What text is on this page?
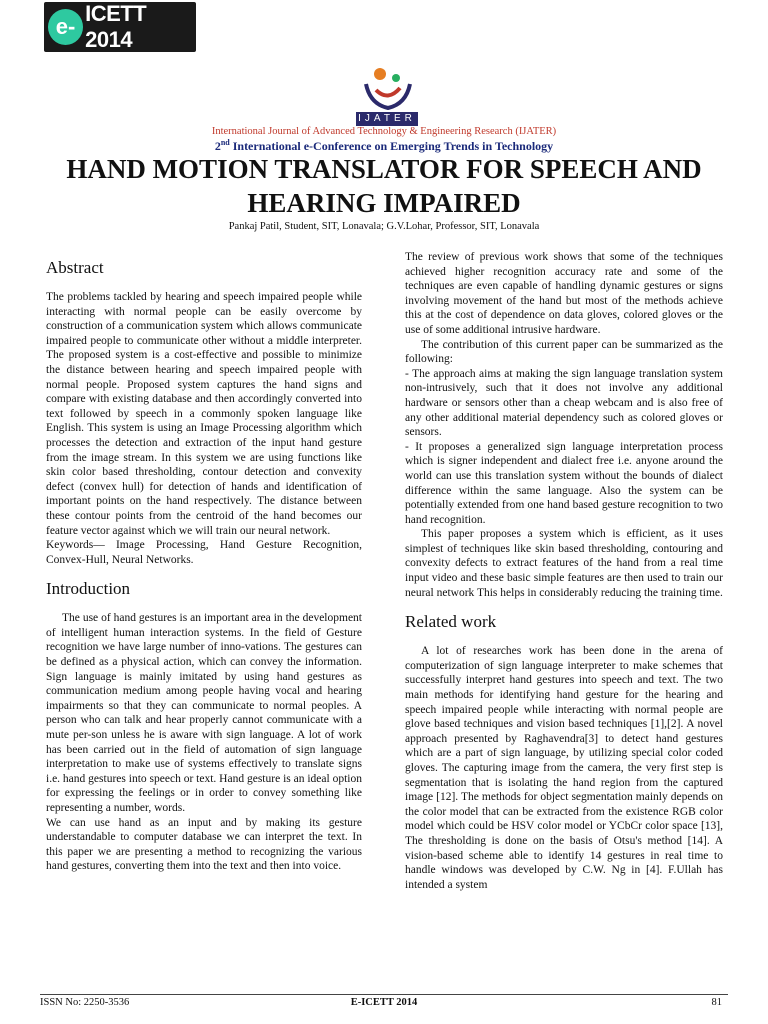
e-
ICETT 2014
IJATER
International Journal of Advanced Technology & Engineering Research (IJATER)
2nd International e-Conference on Emerging Trends in Technology
HAND MOTION TRANSLATOR FOR SPEECH AND
HEARING IMPAIRED
Pankaj Patil, Student, SIT, Lonavala; G.V.Lohar, Professor, SIT, Lonavala
Abstract

The problems tackled by hearing and speech impaired people while interacting with normal people can be easily overcome by construction of a communication system which allows communicate impaired people to communicate other without a middle interpreter. The proposed system is a cost-effective and possible to minimize the distance between hearing and speech impaired people with normal people. Proposed system captures the hand signs and compare with existing database and then accordingly converted into text followed by speech in a commonly spoken language like English. This system is using an Image Processing algorithm which processes the detection and extraction of the input hand gesture from the image stream. In this system we are using functions like skin color based thresholding, contour detection and convexity defect (convex hull) for detection of hands and identification of important points on the hand respectively. The distance between these contour points from the centroid of the hand becomes our feature vector against which we will train our neural network.

Keywords— Image Processing, Hand Gesture Recognition, Convex-Hull, Neural Networks.

Introduction

The use of hand gestures is an important area in the development of intelligent human interaction systems. In the field of Gesture recognition we have large number of inno-vations. The gestures can be defined as a physical action, which can convey the information. Sign language is mainly imitated by using hand gestures as communication medium among people having vocal and hearing impairments so that they can communicate to normal peoples. A person who can talk and hear properly cannot communicate with a mute per-son unless he is aware with sign language. A lot of work has been carried out in the field of automation of sign language interpretation to make use of systems effectively to translate signs i.e. hand gestures into speech or text. Hand gesture is an ideal option for expressing the feelings or in order to convey something like representing a number, words.

We can use hand as an input and by making its gesture understandable to computer database we can interpret the text. In this paper we are presenting a method to recognizing the various hand gestures, converting them into the text and then into voice.

The review of previous work shows that some of the techniques achieved higher recognition accuracy rate and some of the techniques are even capable of handling dynamic gestures or signs involving movement of the hand but most of the methods achieve this at the cost of dependence on data gloves, colored gloves or the use of some additional intrusive hardware.

The contribution of this current paper can be summarized as the following:

- The approach aims at making the sign language translation system non-intrusively, such that it does not involve any additional hardware or sensors other than a cheap webcam and is also free of any other additional material dependency such as colored gloves or sensors.

- It proposes a generalized sign language interpretation process which is signer independent and dialect free i.e. anyone around the world can use this translation system without the bounds of dialect difference within the same language. Also the system can be potentially extended from one hand based gesture recognition to two hand recognition.

This paper proposes a system which is efficient, as it uses simplest of techniques like skin based thresholding, contouring and convexity defects to extract features of the hand from a real time input video and these basic simple features are then used to train our neural network This helps in considerably reducing the training time.

Related work

A lot of researches work has been done in the arena of computerization of sign language interpreter to make schemes that successfully interpret hand gestures into speech and text. The two main methods for identifying hand gesture for the hearing and speech impaired people while interacting with normal people are glove based techniques and vision based techniques [1],[2]. A novel approach presented by Raghavendra[3] to detect hand gestures which are a part of sign language, by utilizing special color coded gloves. The capturing image from the camera, the very first step is segmentation that is isolating the hand region from the captured image [12]. The methods for object segmentation mainly depends on the color model that can be extracted from the existence RGB color model which could be HSV color model or YCbCr color space [13], The thresholding is done on the basis of Otsu's method [14]. A vision-based scheme able to identify 14 gestures in real time to handle windows was developed by C.W. Ng in [4]. F.Ullah has intended a system

ISSN No: 2250-3536	E-ICETT 2014	81
